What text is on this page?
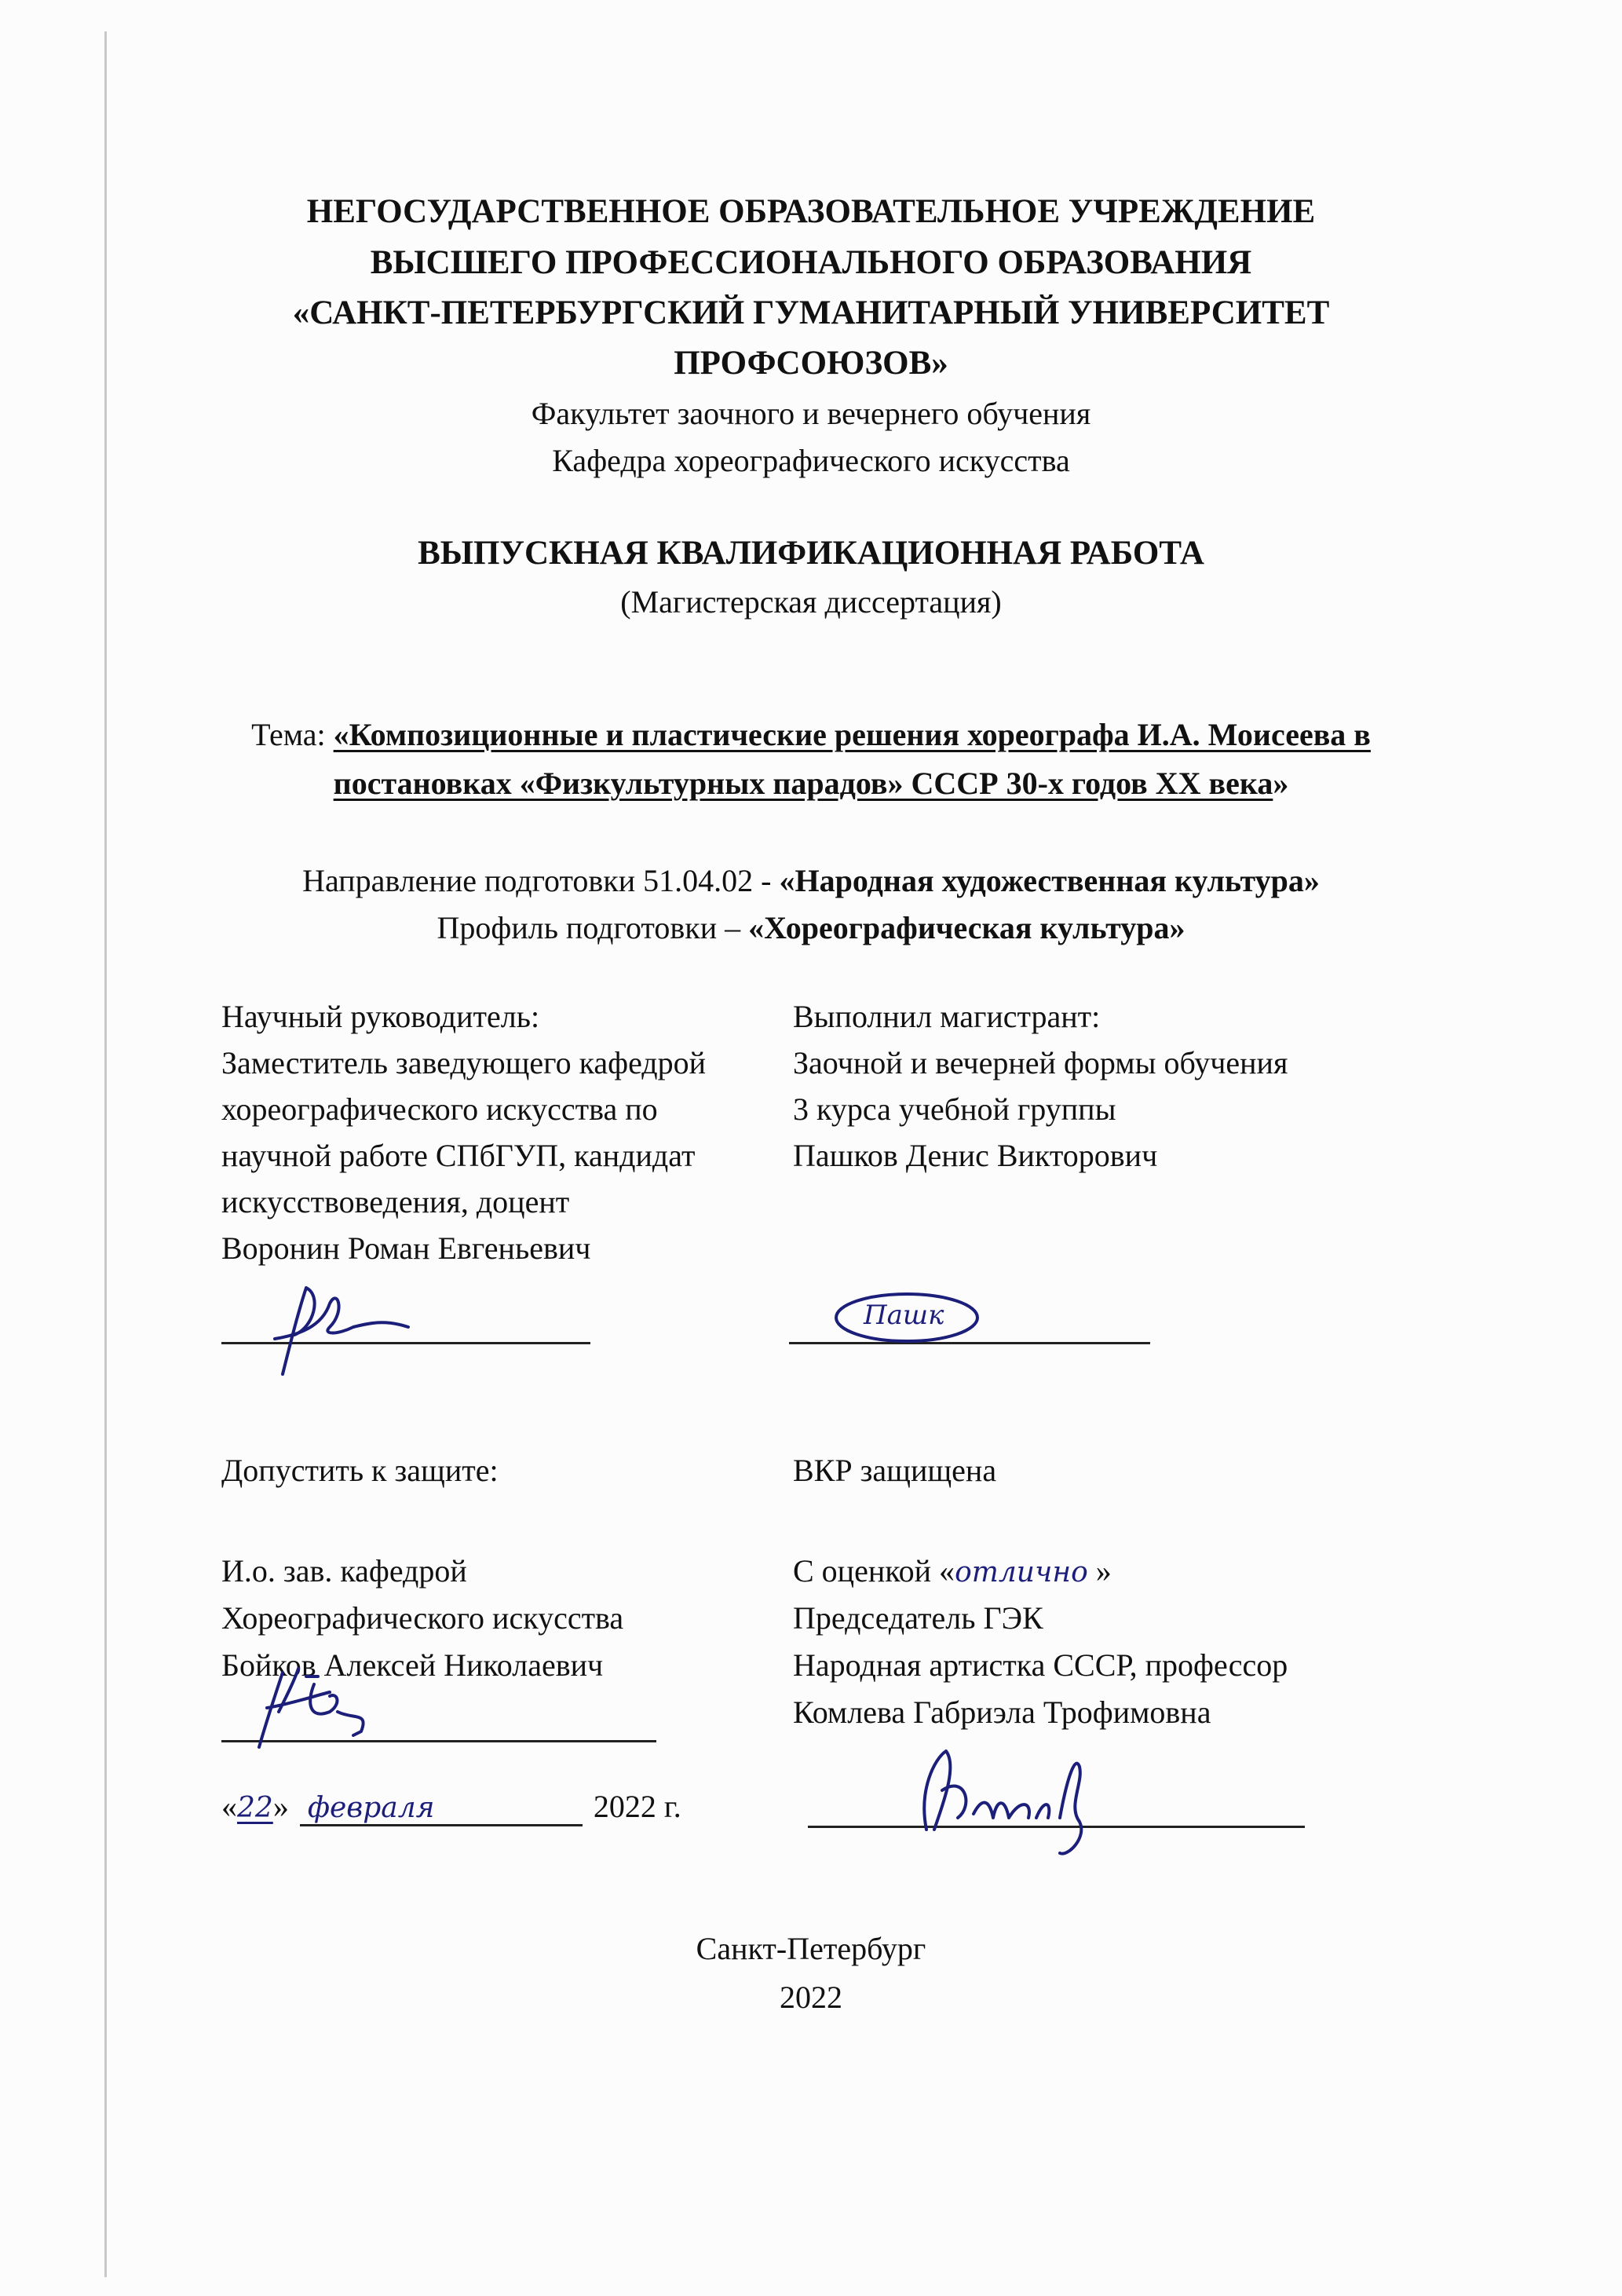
НЕГОСУДАРСТВЕННОЕ ОБРАЗОВАТЕЛЬНОЕ УЧРЕЖДЕНИЕ
ВЫСШЕГО ПРОФЕССИОНАЛЬНОГО ОБРАЗОВАНИЯ
«САНКТ-ПЕТЕРБУРГСКИЙ ГУМАНИТАРНЫЙ УНИВЕРСИТЕТ
ПРОФСОЮЗОВ»
Факультет заочного и вечернего обучения
Кафедра хореографического искусства
ВЫПУСКНАЯ КВАЛИФИКАЦИОННАЯ РАБОТА
(Магистерская диссертация)
Тема: «Композиционные и пластические решения хореографа И.А. Моисеева в
постановках «Физкультурных парадов» СССР 30-х годов XX века»
Направление подготовки 51.04.02 - «Народная художественная культура»
Профиль подготовки – «Хореографическая культура»
Научный руководитель:
Заместитель заведующего кафедрой
хореографического искусства по
научной работе СПбГУП, кандидат
искусствоведения, доцент
Воронин Роман Евгеньевич
Выполнил магистрант:
Заочной и вечерней формы обучения
3 курса учебной группы
Пашков Денис Викторович
Пашк
Допустить к защите:
И.о. зав. кафедрой
Хореографического искусства
Бойков Алексей Николаевич
«22» февраля	2022 г.
ВКР защищена
С оценкой «отлично »
Председатель ГЭК
Народная артистка СССР, профессор
Комлева Габриэла Трофимовна
Санкт-Петербург
2022
